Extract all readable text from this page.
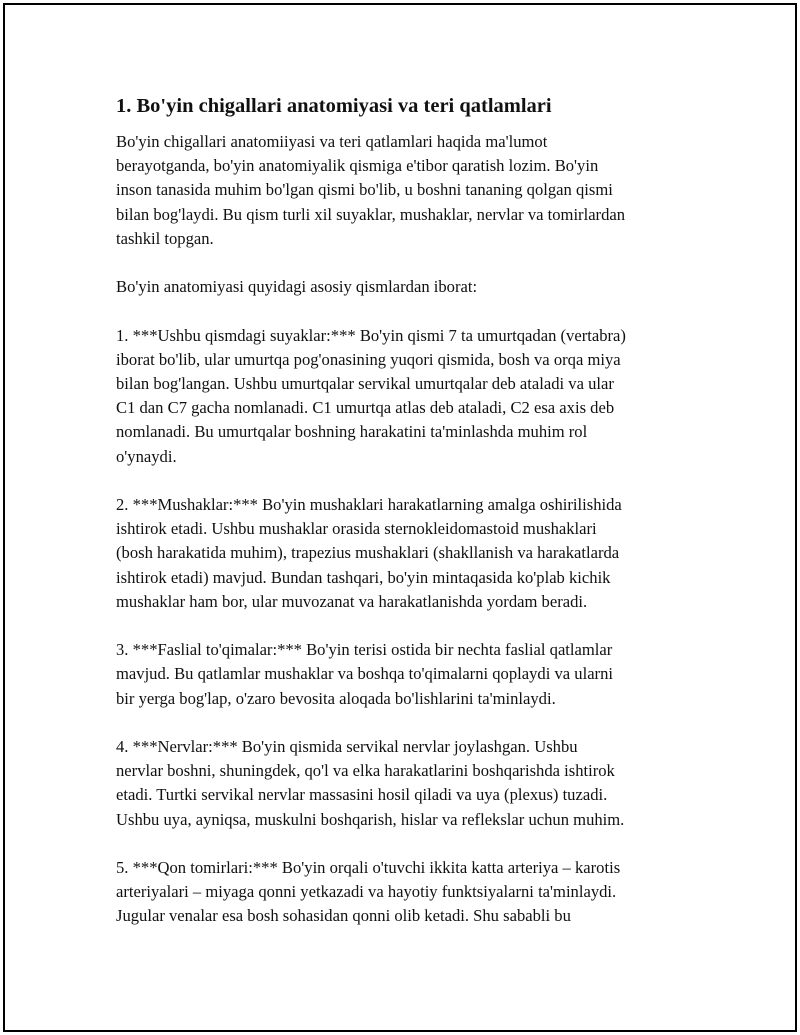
1. Bo'yin chigallari anatomiyasi va teri qatlamlari

Bo'yin chigallari anatomiiyasi va teri qatlamlari haqida ma'lumot
berayotganda, bo'yin anatomiyalik qismiga e'tibor qaratish lozim. Bo'yin
inson tanasida muhim bo'lgan qismi bo'lib, u boshni tananing qolgan qismi
bilan bog'laydi. Bu qism turli xil suyaklar, mushaklar, nervlar va tomirlardan
tashkil topgan.

Bo'yin anatomiyasi quyidagi asosiy qismlardan iborat:

1. ***Ushbu qismdagi suyaklar:*** Bo'yin qismi 7 ta umurtqadan (vertabra)
iborat bo'lib, ular umurtqa pog'onasining yuqori qismida, bosh va orqa miya
bilan bog'langan. Ushbu umurtqalar servikal umurtqalar deb ataladi va ular
C1 dan C7 gacha nomlanadi. C1 umurtqa atlas deb ataladi, C2 esa axis deb
nomlanadi. Bu umurtqalar boshning harakatini ta'minlashda muhim rol
o'ynaydi.

2. ***Mushaklar:*** Bo'yin mushaklari harakatlarning amalga oshirilishida
ishtirok etadi. Ushbu mushaklar orasida sternokleidomastoid mushaklari
(bosh harakatida muhim), trapezius mushaklari (shakllanish va harakatlarda
ishtirok etadi) mavjud. Bundan tashqari, bo'yin mintaqasida ko'plab kichik
mushaklar ham bor, ular muvozanat va harakatlanishda yordam beradi.

3. ***Faslial to'qimalar:*** Bo'yin terisi ostida bir nechta faslial qatlamlar
mavjud. Bu qatlamlar mushaklar va boshqa to'qimalarni qoplaydi va ularni
bir yerga bog'lap, o'zaro bevosita aloqada bo'lishlarini ta'minlaydi.

4. ***Nervlar:*** Bo'yin qismida servikal nervlar joylashgan. Ushbu
nervlar boshni, shuningdek, qo'l va elka harakatlarini boshqarishda ishtirok
etadi. Turtki servikal nervlar massasini hosil qiladi va uya (plexus) tuzadi.
Ushbu uya, ayniqsa, muskulni boshqarish, hislar va reflekslar uchun muhim.

5. ***Qon tomirlari:*** Bo'yin orqali o'tuvchi ikkita katta arteriya – karotis
arteriyalari – miyaga qonni yetkazadi va hayotiy funktsiyalarni ta'minlaydi.
Jugular venalar esa bosh sohasidan qonni olib ketadi. Shu sababli bu
